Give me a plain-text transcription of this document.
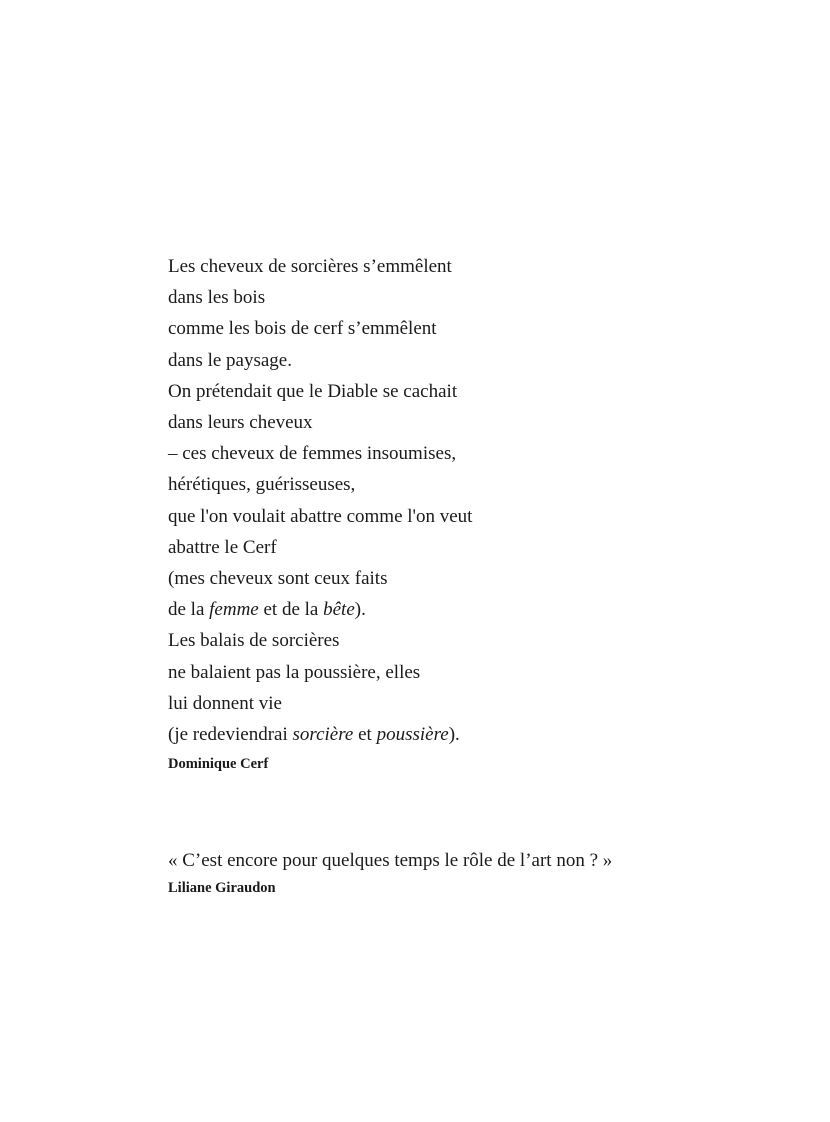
Les cheveux de sorcières s’emmêlent
dans les bois
comme les bois de cerf s’emmêlent
dans le paysage.
On prétendait que le Diable se cachait
dans leurs cheveux
– ces cheveux de femmes insoumises,
hérétiques, guérisseuses,
que l'on voulait abattre comme l'on veut
abattre le Cerf
(mes cheveux sont ceux faits
de la femme et de la bête).
Les balais de sorcières
ne balaient pas la poussière, elles
lui donnent vie
(je redeviendrai sorcière et poussière).
Dominique Cerf
« C’est encore pour quelques temps le rôle de l’art non ? »
Liliane Giraudon
